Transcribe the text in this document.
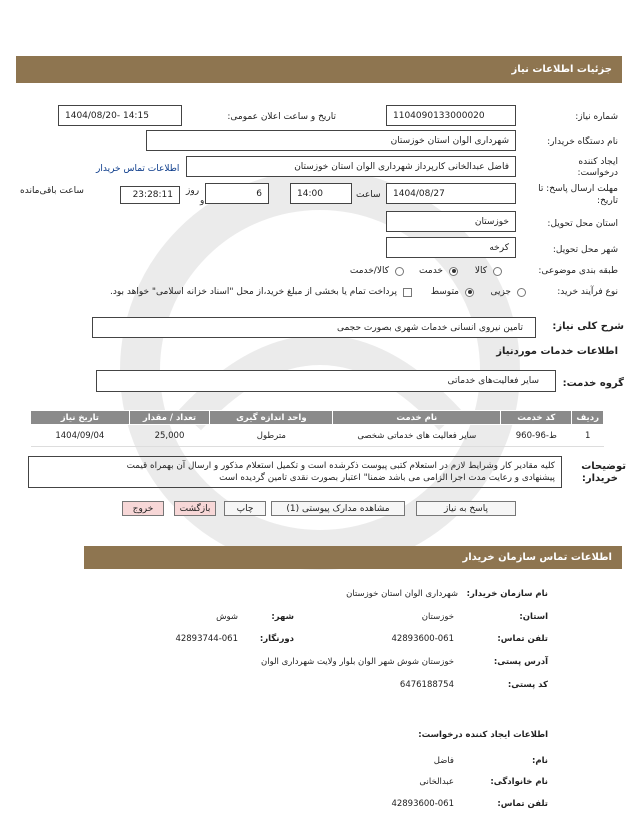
جزئیات اطلاعات نیاز
شماره نیاز:
1104090133000020
تاریخ و ساعت اعلان عمومی:
1404/08/20- 14:15
نام دستگاه خریدار:
شهرداری الوان استان خوزستان
ایجاد کننده
درخواست:
فاضل عبدالخانی کارپرداز شهرداری الوان استان خوزستان
اطلاعات تماس خریدار
مهلت ارسال پاسخ: تا
تاریخ:
1404/08/27
ساعت
14:00
6
روز
و
23:28:11
ساعت باقی‌مانده
استان محل تحویل:
خوزستان
شهر محل تحویل:
کرخه
طبقه بندی موضوعی:
کالا
خدمت
کالا/خدمت
نوع فرآیند خرید:
جزیی
متوسط
پرداخت تمام یا بخشی از مبلغ خرید،از محل "اسناد خزانه اسلامی" خواهد بود.
شرح کلی نیاز:
تامین نیروی انسانی خدمات شهری بصورت حجمی
اطلاعات خدمات موردنیاز
گروه خدمت:
سایر فعالیت‌های خدماتی
ردیف	کد خدمت	نام خدمت	واحد اندازه گیری	تعداد / مقدار	تاریخ نیاز
1	ط-96-960	سایر فعالیت های خدماتی شخصی	مترطول	25,000	1404/09/04
توضیحات
خریدار:
کلیه مقادیر کار وشرایط لازم در استعلام کتبی پیوست ذکرشده است و تکمیل استعلام مذکور و ارسال آن بهمراه قیمت
پیشنهادی و رعایت مدت اجرا الزامی می باشد ضمنا" اعتبار بصورت نقدی تامین گردیده است
پاسخ به نیاز
مشاهده مدارک پیوستی (1)
چاپ
بازگشت
خروج
اطلاعات تماس سازمان خریدار
نام سازمان خریدار:
شهرداری الوان استان خوزستان
استان:
خوزستان
شهر:
شوش
تلفن تماس:
42893600-061
دورنگار:
42893744-061
آدرس پستی:
خوزستان شوش شهر الوان بلوار ولایت شهرداری الوان
کد پستی:
6476188754
اطلاعات ایجاد کننده درخواست:
نام:
فاضل
نام خانوادگی:
عبدالخانی
تلفن تماس:
42893600-061
